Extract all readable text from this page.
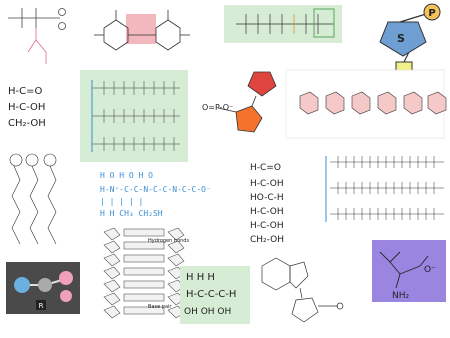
P
S
H-C=O
H-C-OH
CH₂-OH
O=P-O⁻
H O H O H O
H-N⁺-C-C-N-C-C-N-C-C-O⁻
| | | | |
H H CH₃ CH₂SH
H-C=O
H-C-OH
HO-C-H
H-C-OH
H-C-OH
CH₂-OH
R
Hydrogen bonds
Base pair
H H H
H-C-C-C-H
OH OH OH
NH₂
O⁻
